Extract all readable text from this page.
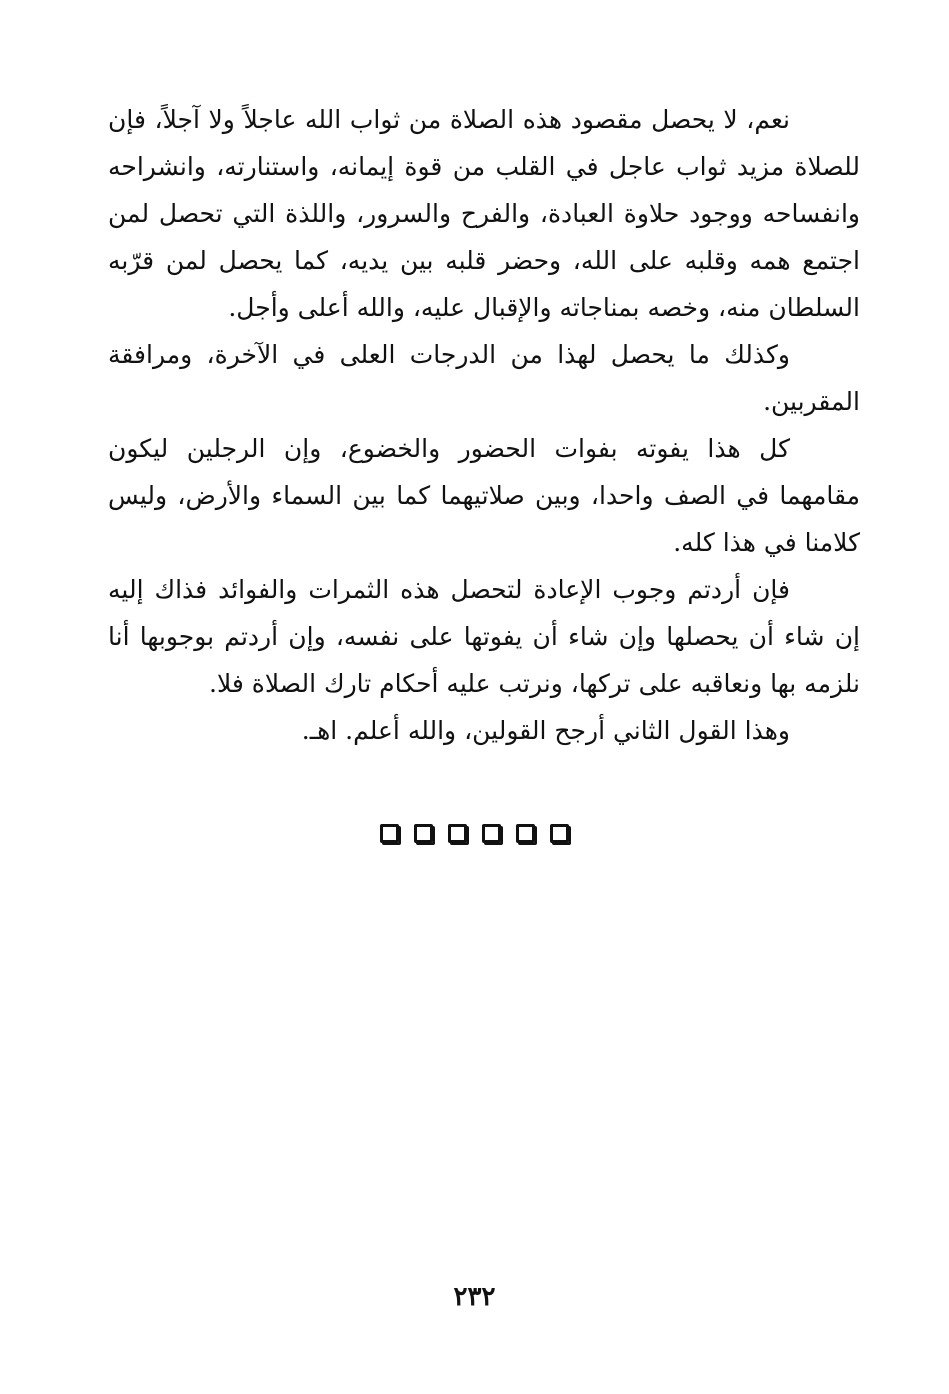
نعم، لا يحصل مقصود هذه الصلاة من ثواب الله عاجلاً ولا آجلاً، فإن للصلاة مزيد ثواب عاجل في القلب من قوة إيمانه، واستنارته، وانشراحه وانفساحه ووجود حلاوة العبادة، والفرح والسرور، واللذة التي تحصل لمن اجتمع همه وقلبه على الله، وحضر قلبه بين يديه، كما يحصل لمن قرّبه السلطان منه، وخصه بمناجاته والإقبال عليه، والله أعلى وأجل.

وكذلك ما يحصل لهذا من الدرجات العلى في الآخرة، ومرافقة المقربين.

كل هذا يفوته بفوات الحضور والخضوع، وإن الرجلين ليكون مقامهما في الصف واحدا، وبين صلاتيهما كما بين السماء والأرض، وليس كلامنا في هذا كله.

فإن أردتم وجوب الإعادة لتحصل هذه الثمرات والفوائد فذاك إليه إن شاء أن يحصلها وإن شاء أن يفوتها على نفسه، وإن أردتم بوجوبها أنا نلزمه بها ونعاقبه على تركها، ونرتب عليه أحكام تارك الصلاة فلا.

وهذا القول الثاني أرجح القولين، والله أعلم. اهـ.

٢٣٢
